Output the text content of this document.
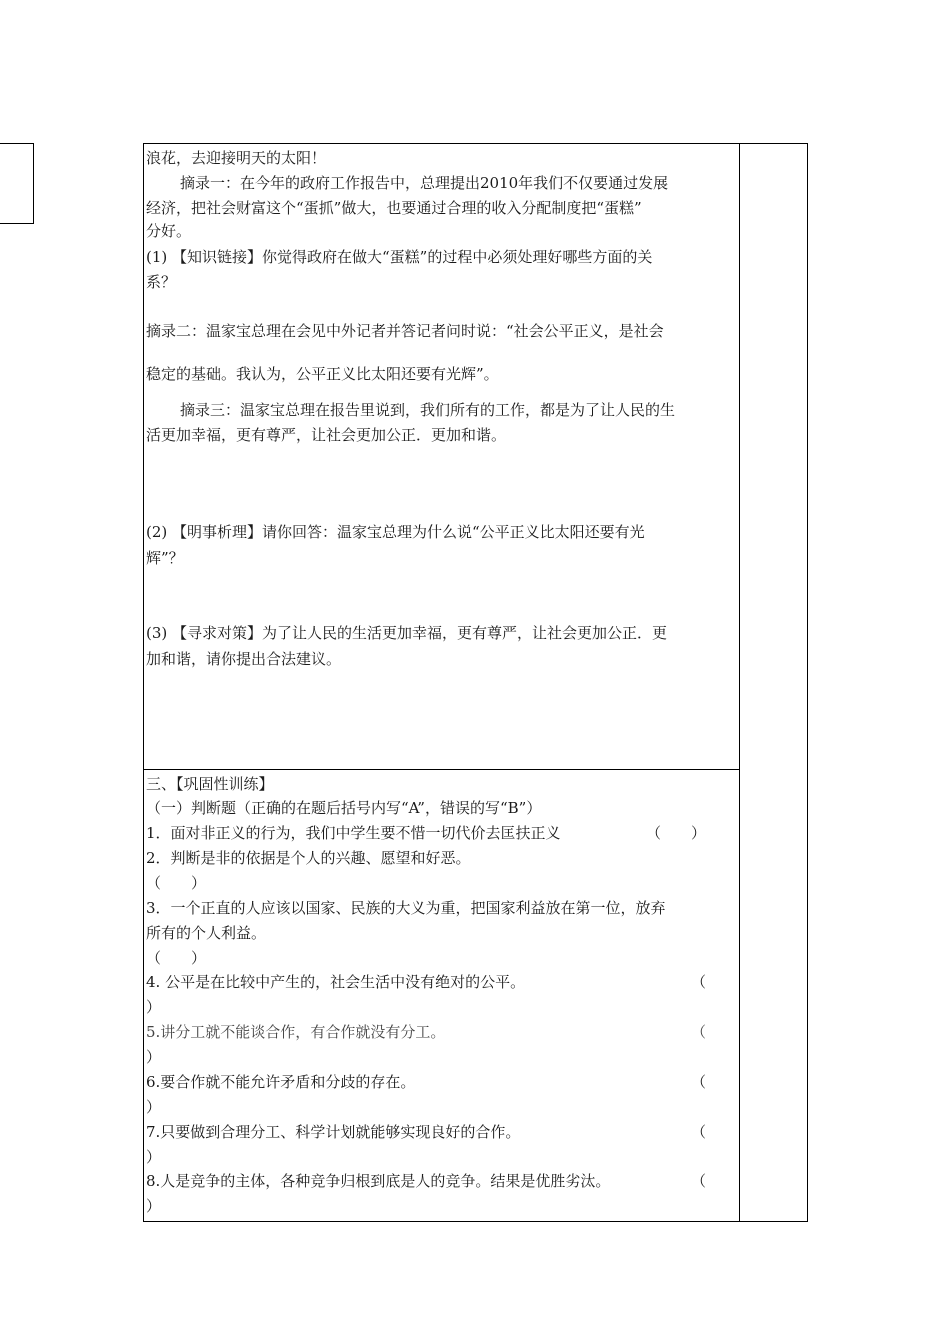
浪花，去迎接明天的太阳！
摘录一：在今年的政府工作报告中，总理提出2010年我们不仅要通过发展
经济，把社会财富这个“蛋抓”做大，也要通过合理的收入分配制度把“蛋糕”
分好。
(1) 【知识链接】你觉得政府在做大“蛋糕”的过程中必须处理好哪些方面的关
系？
摘录二：温家宝总理在会见中外记者并答记者问时说：“社会公平正义，是社会
稳定的基础。我认为，公平正义比太阳还要有光辉”。
摘录三：温家宝总理在报告里说到，我们所有的工作，都是为了让人民的生
活更加幸福，更有尊严，让社会更加公正．更加和谐。
(2) 【明事析理】请你回答：温家宝总理为什么说“公平正义比太阳还要有光
辉”？
(3) 【寻求对策】为了让人民的生活更加幸福，更有尊严，让社会更加公正．更
加和谐，请你提出合法建议。
三、【巩固性训练】
（一）判断题（正确的在题后括号内写“A”，错误的写“B”）
1．面对非正义的行为，我们中学生要不惜一切代价去匡扶正义	（　　）
2．判断是非的依据是个人的兴趣、愿望和好恶。
（　　）
3．一个正直的人应该以国家、民族的大义为重，把国家利益放在第一位，放弃
所有的个人利益。
（　　）
4. 公平是在比较中产生的，社会生活中没有绝对的公平。	（
）
5.讲分工就不能谈合作，有合作就没有分工。	（
）
6.要合作就不能允许矛盾和分歧的存在。	（
）
7.只要做到合理分工、科学计划就能够实现良好的合作。	（
）
8.人是竞争的主体，各种竞争归根到底是人的竞争。结果是优胜劣汰。	（
）
